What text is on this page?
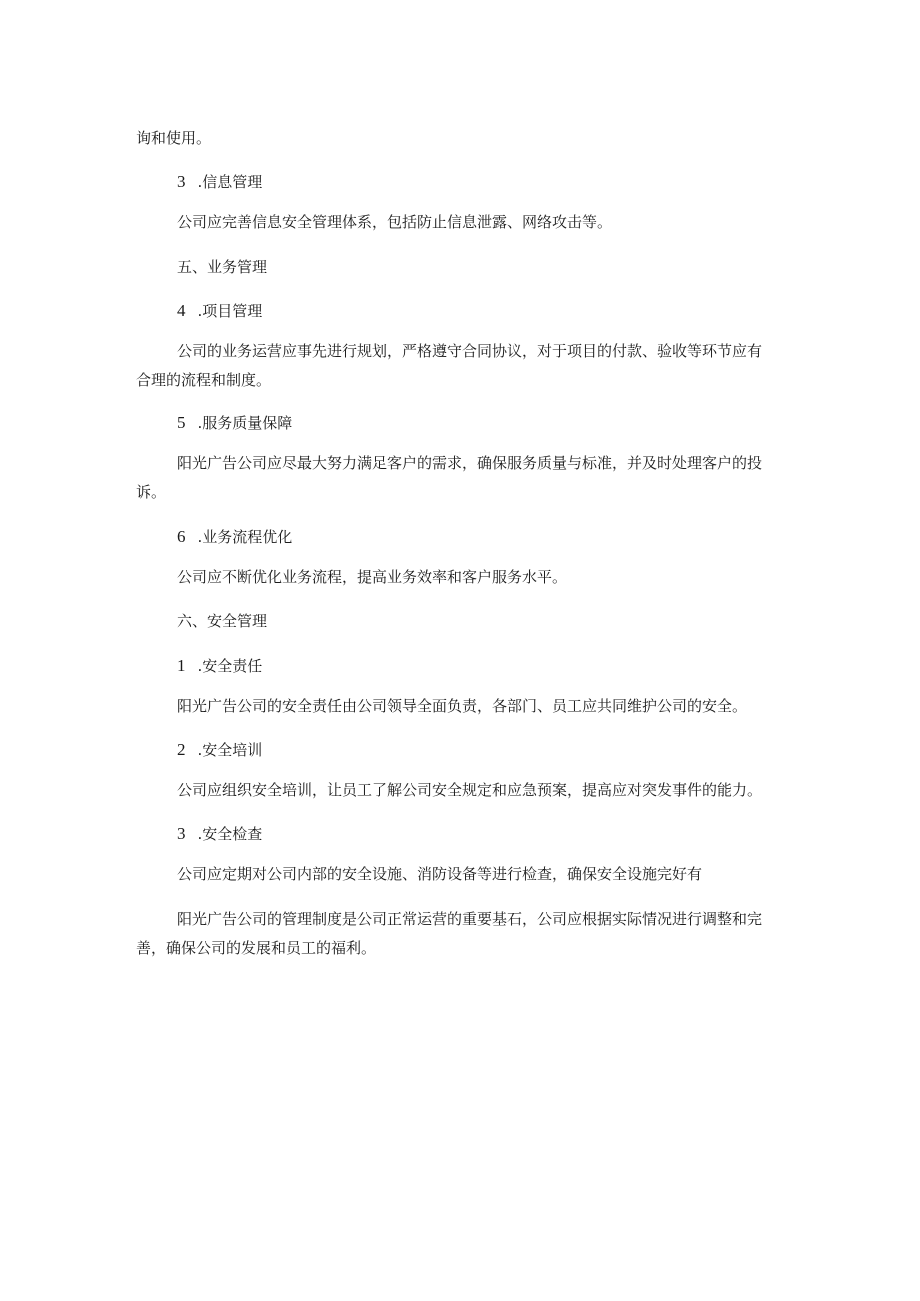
询和使用。

3 .信息管理

公司应完善信息安全管理体系，包括防止信息泄露、网络攻击等。

五、业务管理

4 .项目管理

公司的业务运营应事先进行规划，严格遵守合同协议，对于项目的付款、验收等环节应有

合理的流程和制度。

5 .服务质量保障

阳光广告公司应尽最大努力满足客户的需求，确保服务质量与标准，并及时处理客户的投

诉。

6 .业务流程优化

公司应不断优化业务流程，提高业务效率和客户服务水平。

六、安全管理

1 .安全责任

阳光广告公司的安全责任由公司领导全面负责，各部门、员工应共同维护公司的安全。

2 .安全培训

公司应组织安全培训，让员工了解公司安全规定和应急预案，提高应对突发事件的能力。

3 .安全检查

公司应定期对公司内部的安全设施、消防设备等进行检查，确保安全设施完好有

阳光广告公司的管理制度是公司正常运营的重要基石，公司应根据实际情况进行调整和完

善，确保公司的发展和员工的福利。
